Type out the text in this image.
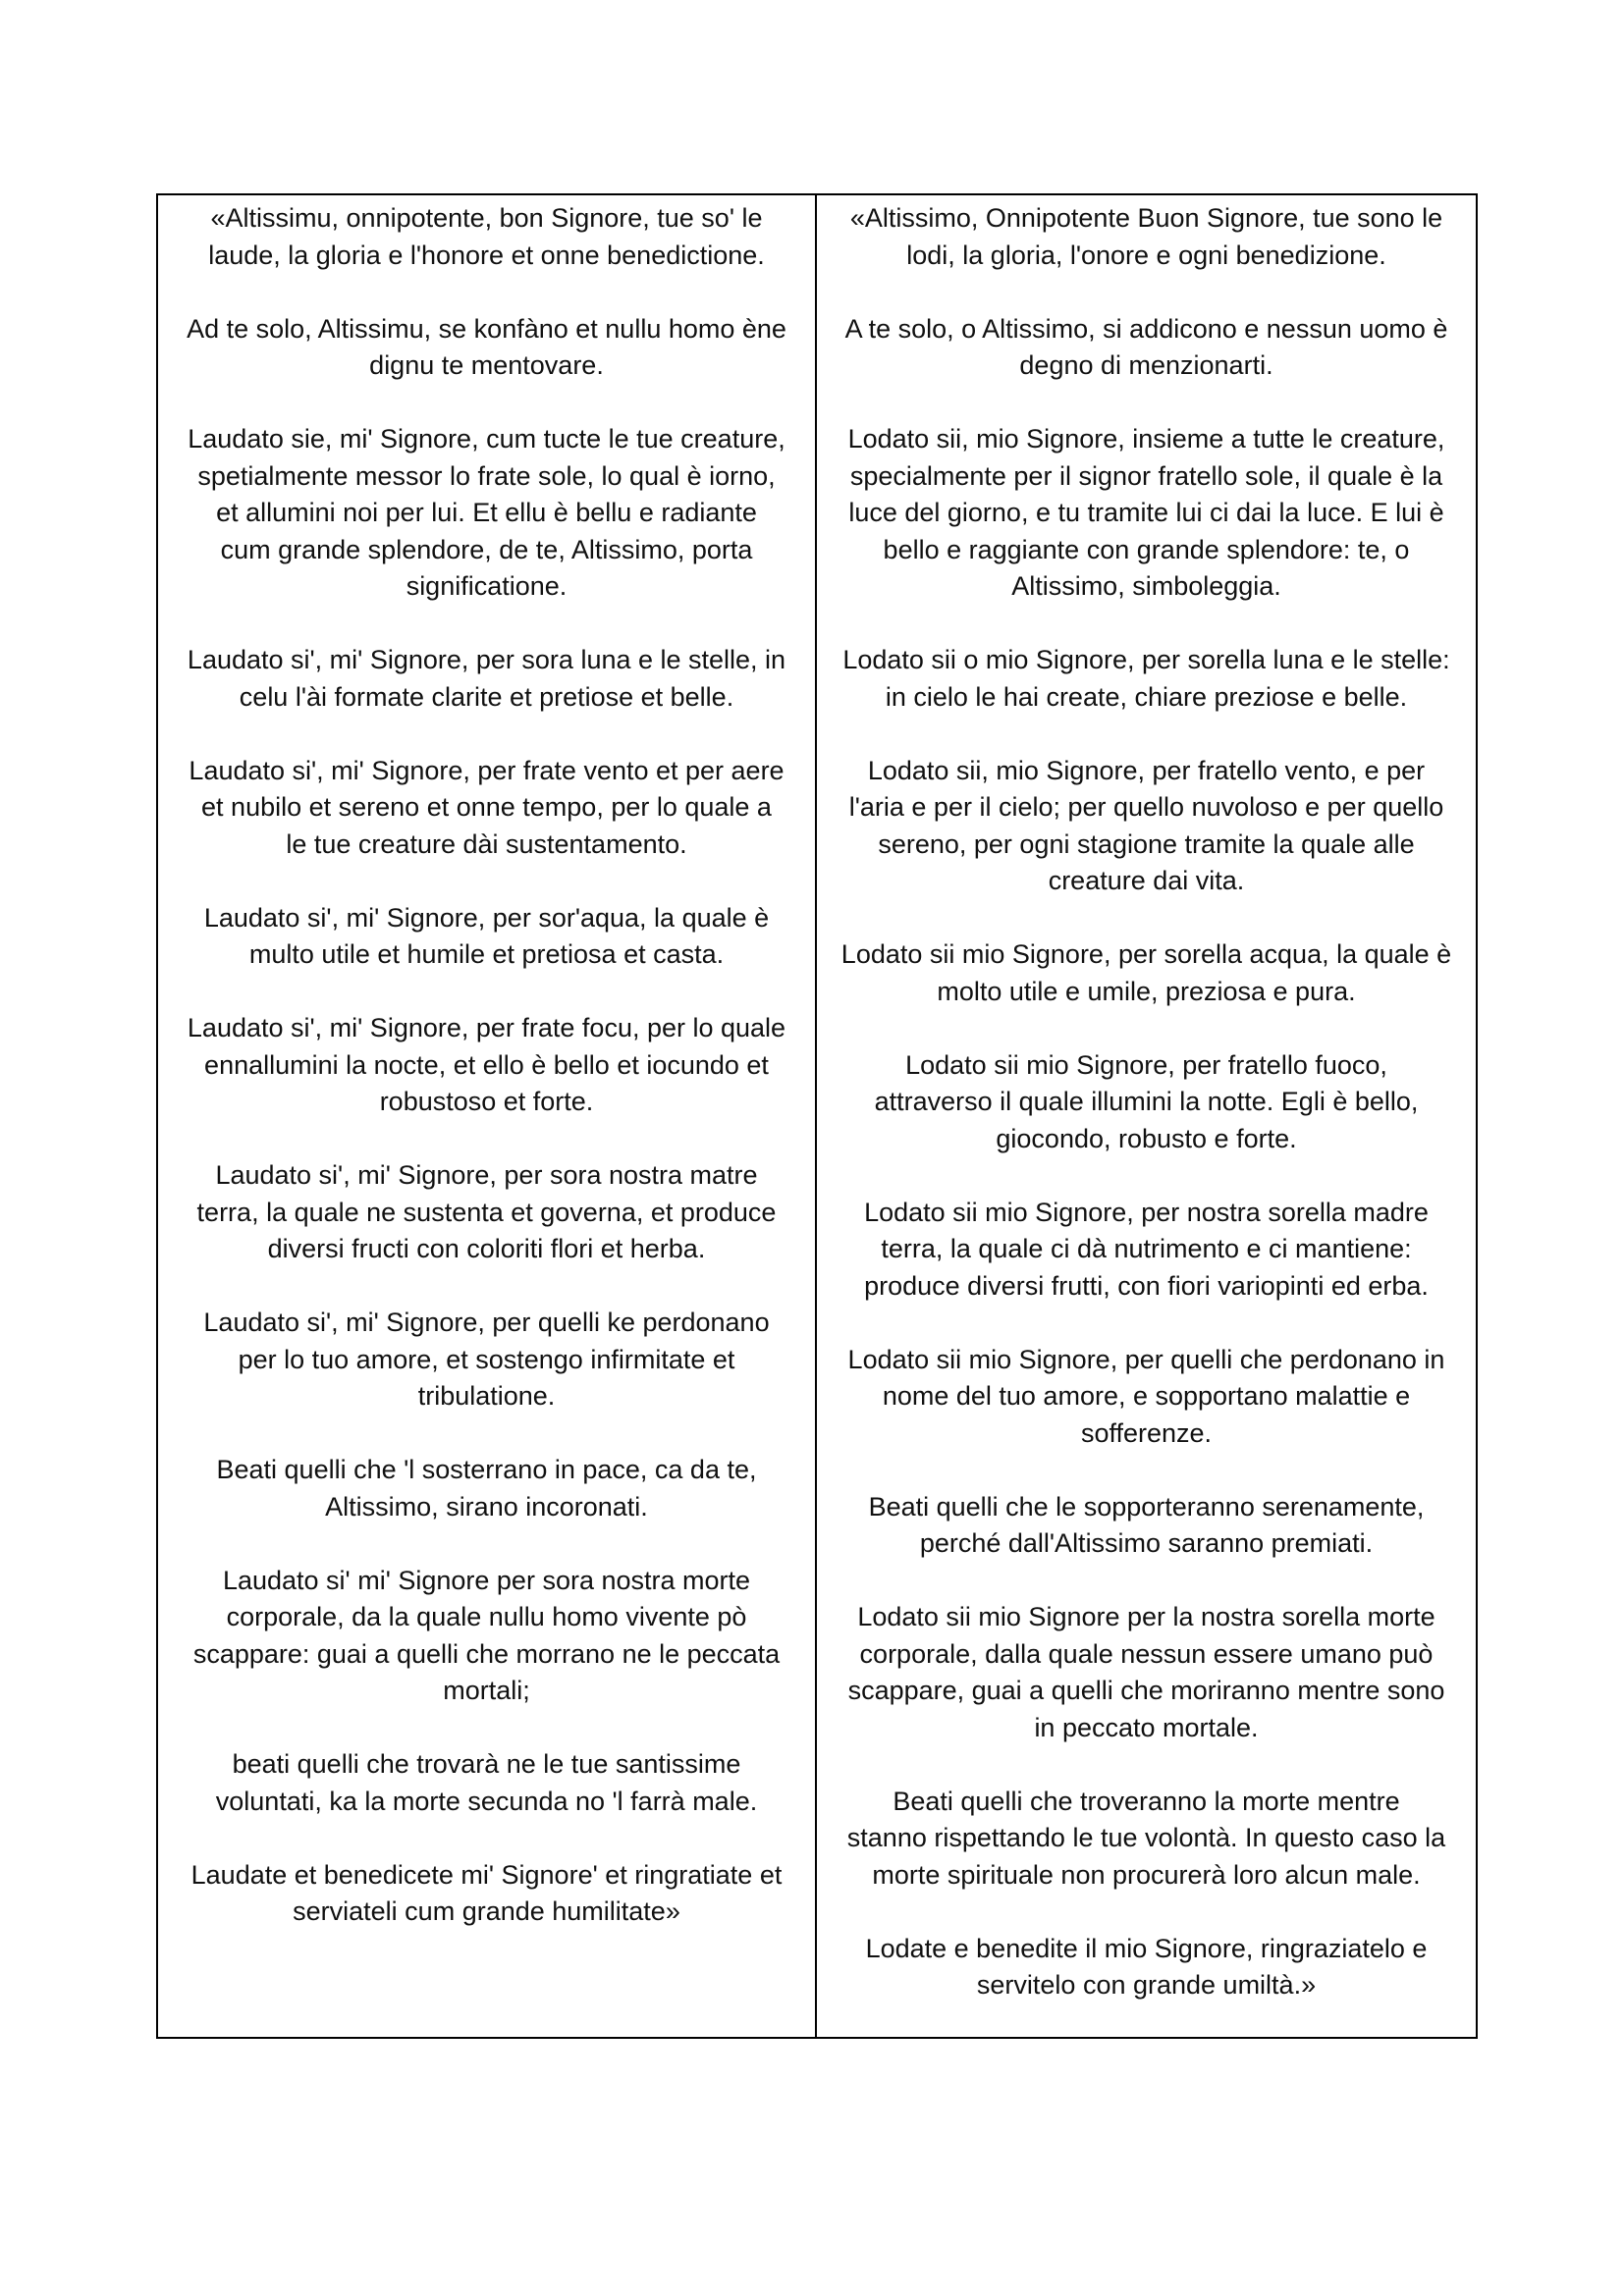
«Altissimu, onnipotente, bon Signore, tue so' le
laude, la gloria e l'honore et onne benedictione.

Ad te solo, Altissimu, se konfàno et nullu homo ène
dignu te mentovare.

Laudato sie, mi' Signore, cum tucte le tue creature,
spetialmente messor lo frate sole, lo qual è iorno,
et allumini noi per lui. Et ellu è bellu e radiante
cum grande splendore, de te, Altissimo, porta
significatione.

Laudato si', mi' Signore, per sora luna e le stelle, in
celu l'ài formate clarite et pretiose et belle.

Laudato si', mi' Signore, per frate vento et per aere
et nubilo et sereno et onne tempo, per lo quale a
le tue creature dài sustentamento.

Laudato si', mi' Signore, per sor'aqua, la quale è
multo utile et humile et pretiosa et casta.

Laudato si', mi' Signore, per frate focu, per lo quale
ennallumini la nocte, et ello è bello et iocundo et
robustoso et forte.

Laudato si', mi' Signore, per sora nostra matre
terra, la quale ne sustenta et governa, et produce
diversi fructi con coloriti flori et herba.

Laudato si', mi' Signore, per quelli ke perdonano
per lo tuo amore, et sostengo infirmitate et
tribulatione.

Beati quelli che 'l sosterrano in pace, ca da te,
Altissimo, sirano incoronati.

Laudato si' mi' Signore per sora nostra morte
corporale, da la quale nullu homo vivente pò
scappare: guai a quelli che morrano ne le peccata
mortali;

beati quelli che trovarà ne le tue santissime
voluntati, ka la morte secunda no 'l farrà male.

Laudate et benedicete mi' Signore' et ringratiate et
serviateli cum grande humilitate»

«Altissimo, Onnipotente Buon Signore, tue sono le
lodi, la gloria, l'onore e ogni benedizione.

A te solo, o Altissimo, si addicono e nessun uomo è
degno di menzionarti.

Lodato sii, mio Signore, insieme a tutte le creature,
specialmente per il signor fratello sole, il quale è la
luce del giorno, e tu tramite lui ci dai la luce. E lui è
bello e raggiante con grande splendore: te, o
Altissimo, simboleggia.

Lodato sii o mio Signore, per sorella luna e le stelle:
in cielo le hai create, chiare preziose e belle.

Lodato sii, mio Signore, per fratello vento, e per
l'aria e per il cielo; per quello nuvoloso e per quello
sereno, per ogni stagione tramite la quale alle
creature dai vita.

Lodato sii mio Signore, per sorella acqua, la quale è
molto utile e umile, preziosa e pura.

Lodato sii mio Signore, per fratello fuoco,
attraverso il quale illumini la notte. Egli è bello,
giocondo, robusto e forte.

Lodato sii mio Signore, per nostra sorella madre
terra, la quale ci dà nutrimento e ci mantiene:
produce diversi frutti, con fiori variopinti ed erba.

Lodato sii mio Signore, per quelli che perdonano in
nome del tuo amore, e sopportano malattie e
sofferenze.

Beati quelli che le sopporteranno serenamente,
perché dall'Altissimo saranno premiati.

Lodato sii mio Signore per la nostra sorella morte
corporale, dalla quale nessun essere umano può
scappare, guai a quelli che moriranno mentre sono
in peccato mortale.

Beati quelli che troveranno la morte mentre
stanno rispettando le tue volontà. In questo caso la
morte spirituale non procurerà loro alcun male.

Lodate e benedite il mio Signore, ringraziatelo e
servitelo con grande umiltà.»
